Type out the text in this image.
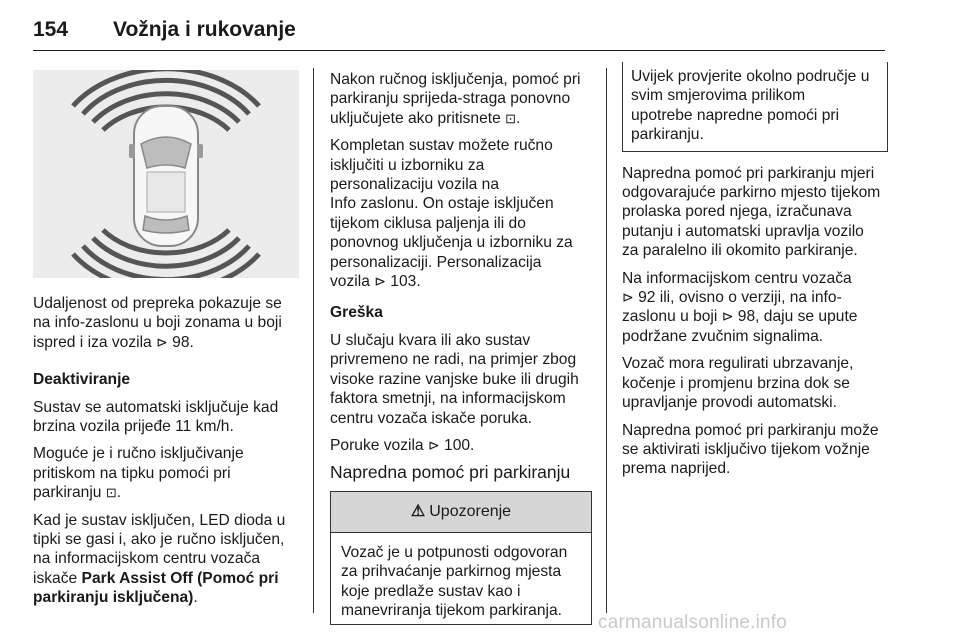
154 Vožnja i rukovanje

Udaljenost od prepreka pokazuje se
na info-zaslonu u boji zonama u boji
ispred i iza vozila ⊳ 98.

Deaktiviranje

Sustav se automatski isključuje kad
brzina vozila prijeđe 11 km/h.

Moguće je i ručno isključivanje
pritiskom na tipku pomoći pri
parkiranju ⊡.

Kad je sustav isključen, LED dioda u
tipki se gasi i, ako je ručno isključen,
na informacijskom centru vozača
iskače Park Assist Off (Pomoć pri
parkiranju isključena).

Nakon ručnog isključenja, pomoć pri
parkiranju sprijeda-straga ponovno
uključujete ako pritisnete ⊡.

Kompletan sustav možete ručno
isključiti u izborniku za
personalizaciju vozila na
Info zaslonu. On ostaje isključen
tijekom ciklusa paljenja ili do
ponovnog uključenja u izborniku za
personalizaciji. Personalizacija
vozila ⊳ 103.

Greška

U slučaju kvara ili ako sustav
privremeno ne radi, na primjer zbog
visoke razine vanjske buke ili drugih
faktora smetnji, na informacijskom
centru vozača iskače poruka.

Poruke vozila ⊳ 100.

Napredna pomoć pri parkiranju

⚠ Upozorenje
Vozač je u potpunosti odgovoran
za prihvaćanje parkirnog mjesta
koje predlaže sustav kao i
manevriranja tijekom parkiranja.
Uvijek provjerite okolno područje u
svim smjerovima prilikom
upotrebe napredne pomoći pri
parkiranju.

Napredna pomoć pri parkiranju mjeri
odgovarajuće parkirno mjesto tijekom
prolaska pored njega, izračunava
putanju i automatski upravlja vozilo
za paralelno ili okomito parkiranje.

Na informacijskom centru vozača
⊳ 92 ili, ovisno o verziji, na info-
zaslonu u boji ⊳ 98, daju se upute
podržane zvučnim signalima.

Vozač mora regulirati ubrzavanje,
kočenje i promjenu brzina dok se
upravljanje provodi automatski.

Napredna pomoć pri parkiranju može
se aktivirati isključivo tijekom vožnje
prema naprijed.

carmanualsonline.info
